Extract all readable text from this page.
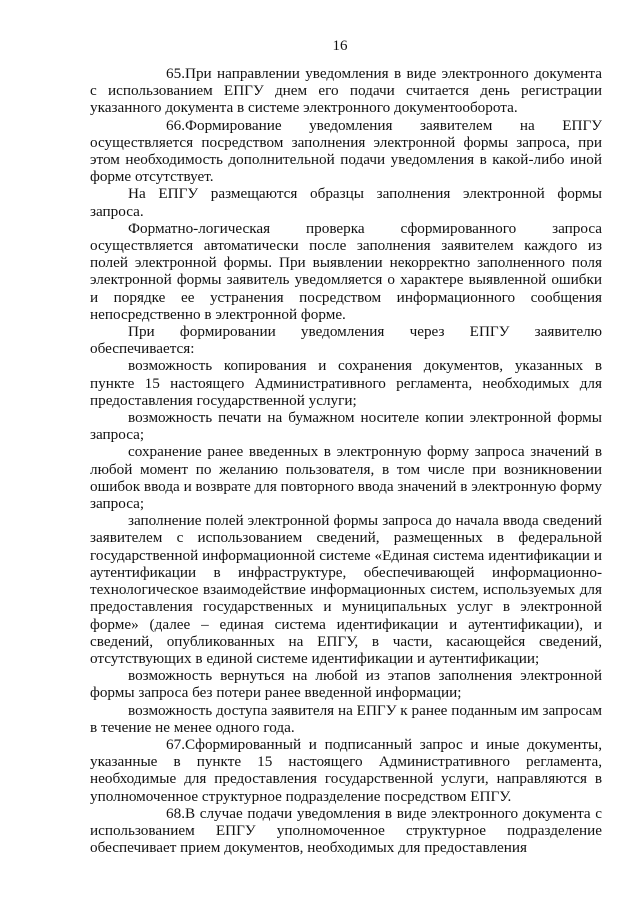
16

65.При направлении уведомления в виде электронного документа с использованием ЕПГУ днем его подачи считается день регистрации указанного документа в системе электронного документооборота.

66.Формирование уведомления заявителем на ЕПГУ осуществляется посредством заполнения электронной формы запроса, при этом необходимость дополнительной подачи уведомления в какой-либо иной форме отсутствует.

На ЕПГУ размещаются образцы заполнения электронной формы запроса.

Форматно-логическая проверка сформированного запроса осуществляется автоматически после заполнения заявителем каждого из полей электронной формы. При выявлении некорректно заполненного поля электронной формы заявитель уведомляется о характере выявленной ошибки и порядке ее устранения посредством информационного сообщения непосредственно в электронной форме.

При формировании уведомления через ЕПГУ заявителю обеспечивается:

возможность копирования и сохранения документов, указанных в пункте 15 настоящего Административного регламента, необходимых для предоставления государственной услуги;

возможность печати на бумажном носителе копии электронной формы запроса;

сохранение ранее введенных в электронную форму запроса значений в любой момент по желанию пользователя, в том числе при возникновении ошибок ввода и возврате для повторного ввода значений в электронную форму запроса;

заполнение полей электронной формы запроса до начала ввода сведений заявителем с использованием сведений, размещенных в федеральной государственной информационной системе «Единая система идентификации и аутентификации в инфраструктуре, обеспечивающей информационно-технологическое взаимодействие информационных систем, используемых для предоставления государственных и муниципальных услуг в электронной форме» (далее – единая система идентификации и аутентификации), и сведений, опубликованных на ЕПГУ, в части, касающейся сведений, отсутствующих в единой системе идентификации и аутентификации;

возможность вернуться на любой из этапов заполнения электронной формы запроса без потери ранее введенной информации;

возможность доступа заявителя на ЕПГУ к ранее поданным им запросам в течение не менее одного года.

67.Сформированный и подписанный запрос и иные документы, указанные в пункте 15 настоящего Административного регламента, необходимые для предоставления государственной услуги, направляются в уполномоченное структурное подразделение посредством ЕПГУ.

68.В случае подачи уведомления в виде электронного документа с использованием ЕПГУ уполномоченное структурное подразделение обеспечивает прием документов, необходимых для предоставления
